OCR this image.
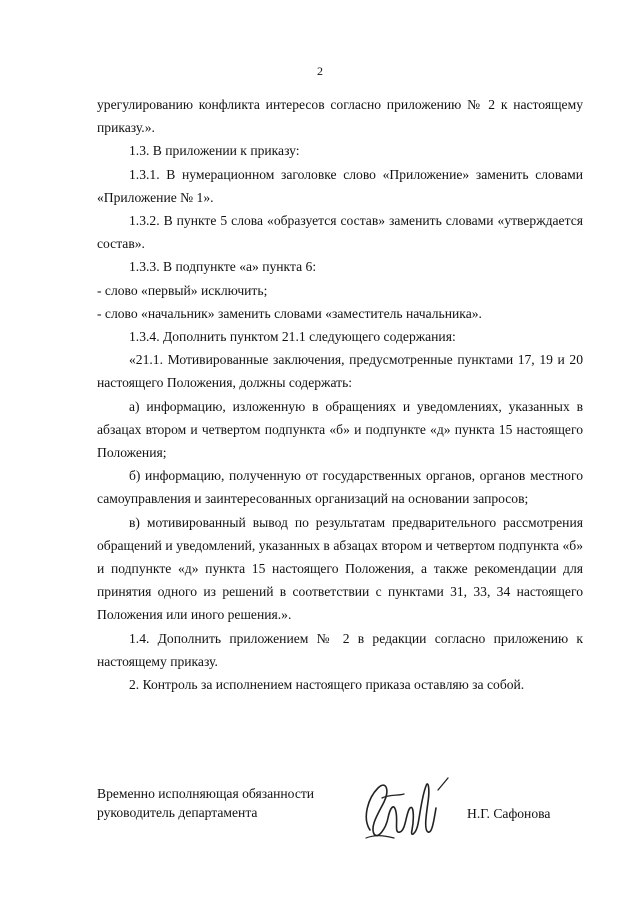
2

урегулированию конфликта интересов согласно приложению № 2 к настоящему приказу.».

1.3. В приложении к приказу:

1.3.1. В нумерационном заголовке слово «Приложение» заменить словами «Приложение № 1».

1.3.2. В пункте 5 слова «образуется состав» заменить словами «утверждается состав».

1.3.3. В подпункте «а» пункта 6:

- слово «первый» исключить;

- слово «начальник» заменить словами «заместитель начальника».

1.3.4. Дополнить пунктом 21.1 следующего содержания:

«21.1. Мотивированные заключения, предусмотренные пунктами 17, 19 и 20 настоящего Положения, должны содержать:

а) информацию, изложенную в обращениях и уведомлениях, указанных в абзацах втором и четвертом подпункта «б» и подпункте «д» пункта 15 настоящего Положения;

б) информацию, полученную от государственных органов, органов местного самоуправления и заинтересованных организаций на основании запросов;

в) мотивированный вывод по результатам предварительного рассмотрения обращений и уведомлений, указанных в абзацах втором и четвертом подпункта «б» и подпункте «д» пункта 15 настоящего Положения, а также рекомендации для принятия одного из решений в соответствии с пунктами 31, 33, 34 настоящего Положения или иного решения.».

1.4. Дополнить приложением № 2 в редакции согласно приложению к настоящему приказу.

2. Контроль за исполнением настоящего приказа оставляю за собой.

Временно исполняющая обязанности
руководитель департамента	Н.Г. Сафонова
